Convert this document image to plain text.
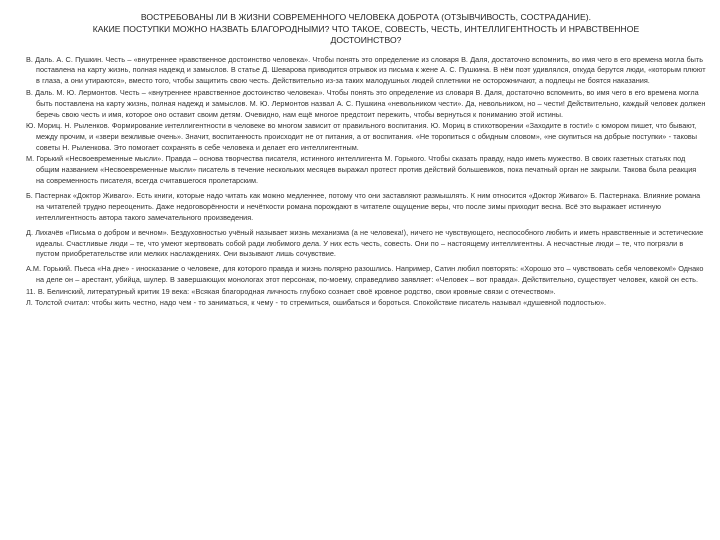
ВОСТРЕБОВАНЫ ЛИ В ЖИЗНИ СОВРЕМЕННОГО ЧЕЛОВЕКА ДОБРОТА (ОТЗЫВЧИВОСТЬ, СОСТРАДАНИЕ).
КАКИЕ ПОСТУПКИ МОЖНО НАЗВАТЬ БЛАГОРОДНЫМИ? ЧТО ТАКОЕ, СОВЕСТЬ, ЧЕСТЬ, ИНТЕЛЛИГЕНТНОСТЬ И НРАВСТВЕННОЕ
ДОСТОИНСТВО?

В. Даль. А. С. Пушкин. Честь – «внутреннее нравственное достоинство человека». Чтобы понять это определение из словаря В. Даля, достаточно вспомнить, во имя чего в его времена могла быть поставлена на карту жизнь, полная надежд и замыслов. В статье Д. Шеварова приводится отрывок из письма к жене А. С. Пушкина. В нём поэт удивлялся, откуда берутся люди, «которым плюют в глаза, а они утираются», вместо того, чтобы защитить свою честь. Действительно из-за таких малодушных людей сплетники не осторожничают, а подлецы не боятся наказания.

В. Даль. М. Ю. Лермонтов. Честь – «внутреннее нравственное достоинство человека». Чтобы понять это определение из словаря В. Даля, достаточно вспомнить, во имя чего в его времена могла быть поставлена на карту жизнь, полная надежд и замыслов. М. Ю. Лермонтов назвал А. С. Пушкина «невольником чести». Да, невольником, но – чести! Действительно, каждый человек должен беречь свою честь и имя, которое оно оставит своим детям. Очевидно, нам ещё многое предстоит пережить, чтобы вернуться к пониманию этой истины.

Ю. Мориц. Н. Рыленков. Формирование интеллигентности в человеке во многом зависит от правильного воспитания. Ю. Мориц в стихотворении «Заходите в гости!» с юмором пишет, что бывают, между прочим, и «звери вежливые очень». Значит, воспитанность происходит не от питания, а от воспитания. «Не торопиться с обидным словом», «не скупиться на добрые поступки» - таковы советы Н. Рыленкова. Это помогает сохранять в себе человека и делает его интеллигентным.

М. Горький «Несвоевременные мысли». Правда – основа творчества писателя, истинного интеллигента М. Горького. Чтобы сказать правду, надо иметь мужество. В своих газетных статьях под общим названием «Несвоевременные мысли» писатель в течение нескольких месяцев выражал протест против действий большевиков, пока печатный орган не закрыли. Такова была реакция на современность писателя, всегда считавшегося пролетарским.

Б. Пастернак «Доктор Живаго». Есть книги, которые надо читать как можно медленнее, потому что они заставляют размышлять. К ним относится «Доктор Живаго» Б. Пастернака. Влияние романа на читателей трудно переоценить. Даже недоговорённости и нечёткости романа порождают в читателе ощущение веры, что после зимы приходит весна. Всё это выражает истинную интеллигентность автора такого замечательного произведения.

Д. Лихачёв «Письма о добром и вечном». Бездуховностью учёный называет жизнь механизма (а не человека!), ничего не чувствующего, неспособного любить и иметь нравственные и эстетические идеалы. Счастливые люди – те, что умеют жертвовать собой ради любимого дела. У них есть честь, совесть. Они по – настоящему интеллигентны. А несчастные люди – те, что погрязли в пустом приобретательстве или мелких наслаждениях. Они вызывают лишь сочувствие.

А.М. Горький. Пьеса «На дне» - иносказание о человеке, для которого правда и жизнь полярно разошлись. Например, Сатин любил повторять: «Хорошо это – чувствовать себя человеком!» Однако на деле он – арестант, убийца, шулер. В завершающих монологах этот персонаж, по-моему, справедливо заявляет: «Человек – вот правда». Действительно, существует человек, какой он есть.

11. В. Белинский, литературный критик 19 века: «Всякая благородная личность глубоко сознает своё кровное родство, свои кровные связи с отечеством».

Л. Толстой считал: чтобы жить честно, надо чем - то заниматься, к чему - то стремиться, ошибаться и бороться. Спокойствие писатель называл «душевной подлостью».
